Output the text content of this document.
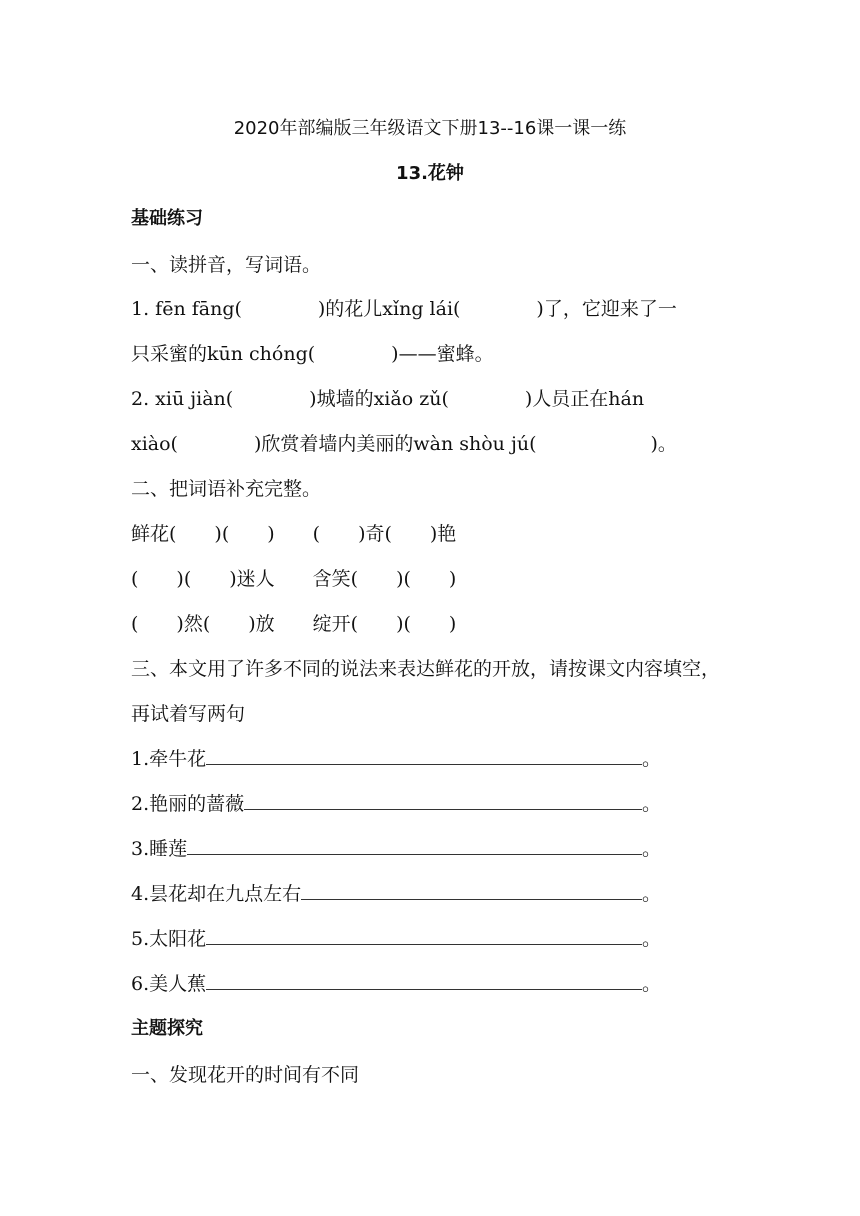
2020年部编版三年级语文下册13--16课一课一练
13.花钟
基础练习
一、读拼音，写词语。
1. fēn fāng(　　　　)的花儿xǐng lái(　　　　)了，它迎来了一
只采蜜的kūn chóng(　　　　)——蜜蜂。
2. xiū jiàn(　　　　)城墙的xiǎo zǔ(　　　　)人员正在hán
xiào(　　　　)欣赏着墙内美丽的wàn shòu jú(　　　　　　)。
二、把词语补充完整。
鲜花(　　)(　　)　　(　　)奇(　　)艳
(　　)(　　)迷人　　含笑(　　)(　　)
(　　)然(　　)放　　绽开(　　)(　　)
三、本文用了许多不同的说法来表达鲜花的开放，请按课文内容填空，
再试着写两句
1.牵牛花	。
2.艳丽的蔷薇	。
3.睡莲	。
4.昙花却在九点左右	。
5.太阳花	。
6.美人蕉	。
主题探究
一、发现花开的时间有不同
